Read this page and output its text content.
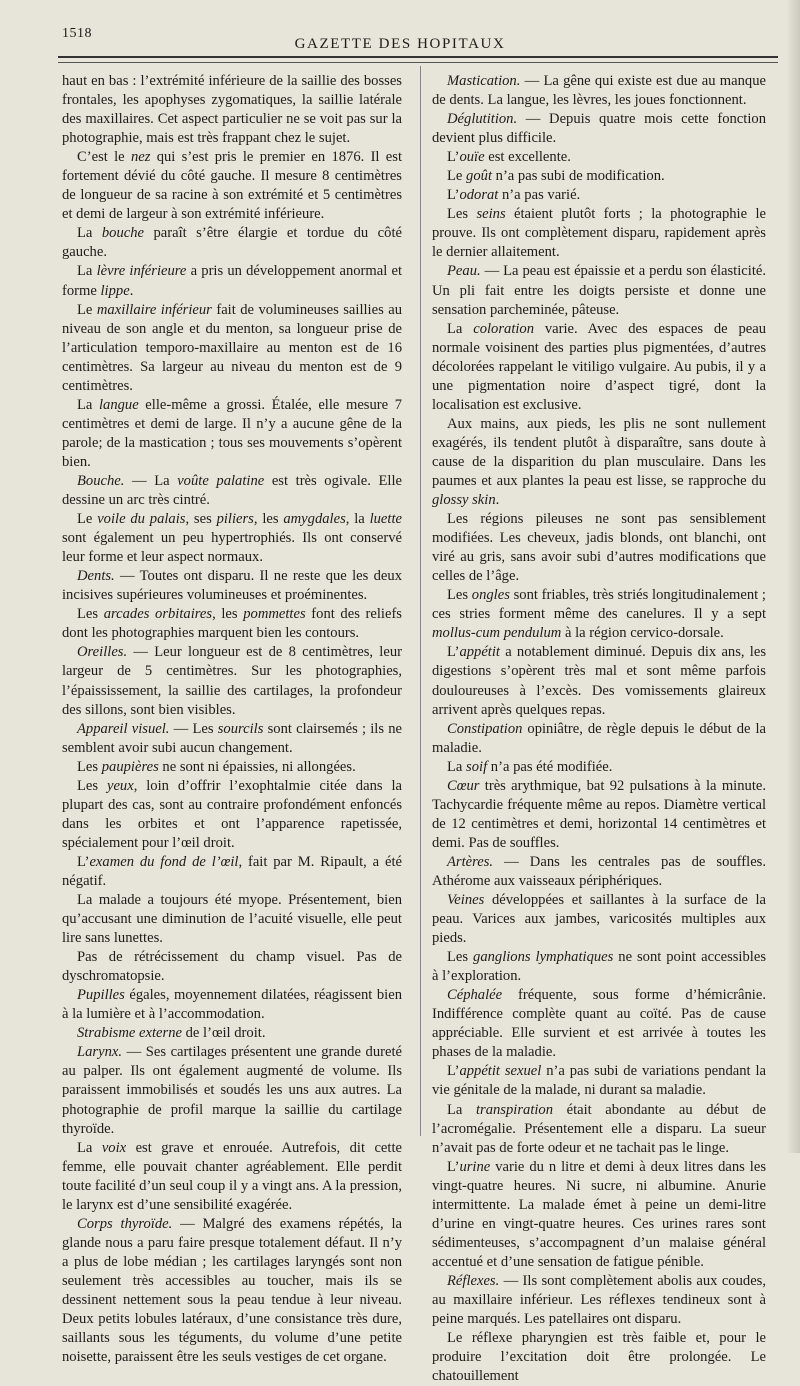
1518
GAZETTE DES HOPITAUX

haut en bas : l’extrémité inférieure de la saillie des bosses frontales, les apophyses zygomatiques, la saillie latérale des maxillaires. Cet aspect particulier ne se voit pas sur la photographie, mais est très frappant chez le sujet.

C’est le nez qui s’est pris le premier en 1876. Il est fortement dévié du côté gauche. Il mesure 8 centimètres de longueur de sa racine à son extrémité et 5 centimètres et demi de largeur à son extrémité inférieure.

La bouche paraît s’être élargie et tordue du côté gauche.

La lèvre inférieure a pris un développement anormal et forme lippe.

Le maxillaire inférieur fait de volumineuses saillies au niveau de son angle et du menton, sa longueur prise de l’articulation temporo-maxillaire au menton est de 16 centimètres. Sa largeur au niveau du menton est de 9 centimètres.

La langue elle-même a grossi. Étalée, elle mesure 7 centimètres et demi de large. Il n’y a aucune gêne de la parole; de la mastication ; tous ses mouvements s’opèrent bien.

Bouche. — La voûte palatine est très ogivale. Elle dessine un arc très cintré.

Le voile du palais, ses piliers, les amygdales, la luette sont également un peu hypertrophiés. Ils ont conservé leur forme et leur aspect normaux.

Dents. — Toutes ont disparu. Il ne reste que les deux incisives supérieures volumineuses et proéminentes.

Les arcades orbitaires, les pommettes font des reliefs dont les photographies marquent bien les contours.

Oreilles. — Leur longueur est de 8 centimètres, leur largeur de 5 centimètres. Sur les photographies, l’épaississement, la saillie des cartilages, la profondeur des sillons, sont bien visibles.

Appareil visuel. — Les sourcils sont clairsemés ; ils ne semblent avoir subi aucun changement.

Les paupières ne sont ni épaissies, ni allongées.

Les yeux, loin d’offrir l’exophtalmie citée dans la plupart des cas, sont au contraire profondément enfoncés dans les orbites et ont l’apparence rapetissée, spécialement pour l’œil droit.

L’examen du fond de l’œil, fait par M. Ripault, a été négatif.

La malade a toujours été myope. Présentement, bien qu’accusant une diminution de l’acuité visuelle, elle peut lire sans lunettes.

Pas de rétrécissement du champ visuel. Pas de dyschromatopsie.

Pupilles égales, moyennement dilatées, réagissent bien à la lumière et à l’accommodation.

Strabisme externe de l’œil droit.

Larynx. — Ses cartilages présentent une grande dureté au palper. Ils ont également augmenté de volume. Ils paraissent immobilisés et soudés les uns aux autres. La photographie de profil marque la saillie du cartilage thyroïde.

La voix est grave et enrouée. Autrefois, dit cette femme, elle pouvait chanter agréablement. Elle perdit toute facilité d’un seul coup il y a vingt ans. A la pression, le larynx est d’une sensibilité exagérée.

Corps thyroïde. — Malgré des examens répétés, la glande nous a paru faire presque totalement défaut. Il n’y a plus de lobe médian ; les cartilages laryngés sont non seulement très accessibles au toucher, mais ils se dessinent nettement sous la peau tendue à leur niveau. Deux petits lobules latéraux, d’une consistance très dure, saillants sous les téguments, du volume d’une petite noisette, paraissent être les seuls vestiges de cet organe.

Mastication. — La gêne qui existe est due au manque de dents. La langue, les lèvres, les joues fonctionnent.

Déglutition. — Depuis quatre mois cette fonction devient plus difficile.

L’ouïe est excellente.

Le goût n’a pas subi de modification.

L’odorat n’a pas varié.

Les seins étaient plutôt forts ; la photographie le prouve. Ils ont complètement disparu, rapidement après le dernier allaitement.

Peau. — La peau est épaissie et a perdu son élasticité. Un pli fait entre les doigts persiste et donne une sensation parcheminée, pâteuse.

La coloration varie. Avec des espaces de peau normale voisinent des parties plus pigmentées, d’autres décolorées rappelant le vitiligo vulgaire. Au pubis, il y a une pigmentation noire d’aspect tigré, dont la localisation est exclusive.

Aux mains, aux pieds, les plis ne sont nullement exagérés, ils tendent plutôt à disparaître, sans doute à cause de la disparition du plan musculaire. Dans les paumes et aux plantes la peau est lisse, se rapproche du glossy skin.

Les régions pileuses ne sont pas sensiblement modifiées. Les cheveux, jadis blonds, ont blanchi, ont viré au gris, sans avoir subi d’autres modifications que celles de l’âge.

Les ongles sont friables, très striés longitudinalement ; ces stries forment même des canelures. Il y a sept mollus-cum pendulum à la région cervico-dorsale.

L’appétit a notablement diminué. Depuis dix ans, les digestions s’opèrent très mal et sont même parfois douloureuses à l’excès. Des vomissements glaireux arrivent après quelques repas.

Constipation opiniâtre, de règle depuis le début de la maladie.

La soif n’a pas été modifiée.

Cœur très arythmique, bat 92 pulsations à la minute. Tachycardie fréquente même au repos. Diamètre vertical de 12 centimètres et demi, horizontal 14 centimètres et demi. Pas de souffles.

Artères. — Dans les centrales pas de souffles. Athérome aux vaisseaux périphériques.

Veines développées et saillantes à la surface de la peau. Varices aux jambes, varicosités multiples aux pieds.

Les ganglions lymphatiques ne sont point accessibles à l’exploration.

Céphalée fréquente, sous forme d’hémicrânie. Indifférence complète quant au coïté. Pas de cause appréciable. Elle survient et est arrivée à toutes les phases de la maladie.

L’appétit sexuel n’a pas subi de variations pendant la vie génitale de la malade, ni durant sa maladie.

La transpiration était abondante au début de l’acromégalie. Présentement elle a disparu. La sueur n’avait pas de forte odeur et ne tachait pas le linge.

L’urine varie du n litre et demi à deux litres dans les vingt-quatre heures. Ni sucre, ni albumine. Anurie intermittente. La malade émet à peine un demi-litre d’urine en vingt-quatre heures. Ces urines rares sont sédimenteuses, s’accompagnent d’un malaise général accentué et d’une sensation de fatigue pénible.

Réflexes. — Ils sont complètement abolis aux coudes, au maxillaire inférieur. Les réflexes tendineux sont à peine marqués. Les patellaires ont disparu.

Le réflexe pharyngien est très faible et, pour le produire l’excitation doit être prolongée. Le chatouillement
